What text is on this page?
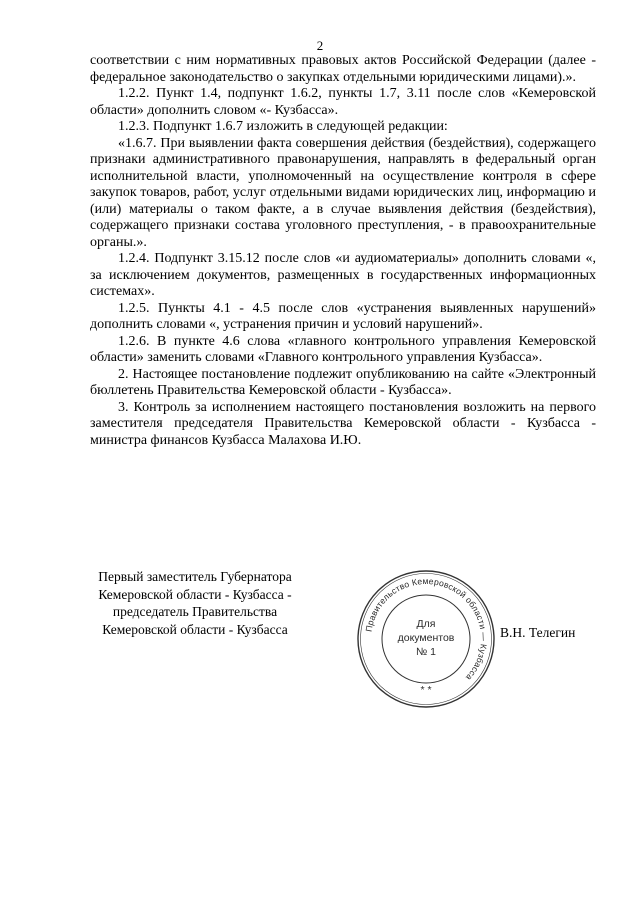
2

соответствии с ним нормативных правовых актов Российской Федерации (далее - федеральное законодательство о закупках отдельными юридическими лицами).».

1.2.2. Пункт 1.4, подпункт 1.6.2, пункты 1.7, 3.11 после слов «Кемеровской области» дополнить словом «- Кузбасса».

1.2.3. Подпункт 1.6.7 изложить в следующей редакции:

«1.6.7. При выявлении факта совершения действия (бездействия), содержащего признаки административного правонарушения, направлять в федеральный орган исполнительной власти, уполномоченный на осуществление контроля в сфере закупок товаров, работ, услуг отдельными видами юридических лиц, информацию и (или) материалы о таком факте, а в случае выявления действия (бездействия), содержащего признаки состава уголовного преступления, - в правоохранительные органы.».

1.2.4. Подпункт 3.15.12 после слов «и аудиоматериалы» дополнить словами «, за исключением документов, размещенных в государственных информационных системах».

1.2.5. Пункты 4.1 - 4.5 после слов «устранения выявленных нарушений» дополнить словами «, устранения причин и условий нарушений».

1.2.6. В пункте 4.6 слова «главного контрольного управления Кемеровской области» заменить словами «Главного контрольного управления Кузбасса».

2. Настоящее постановление подлежит опубликованию на сайте «Электронный бюллетень Правительства Кемеровской области - Кузбасса».

3. Контроль за исполнением настоящего постановления возложить на первого заместителя председателя Правительства Кемеровской области - Кузбасса - министра финансов Кузбасса Малахова И.Ю.

Первый заместитель Губернатора
Кемеровской области - Кузбасса -
председатель Правительства
Кемеровской области - Кузбасса	Правительство Кемеровской области — Кузбасса
Для
документов
№ 1
* *
В.Н. Телегин
